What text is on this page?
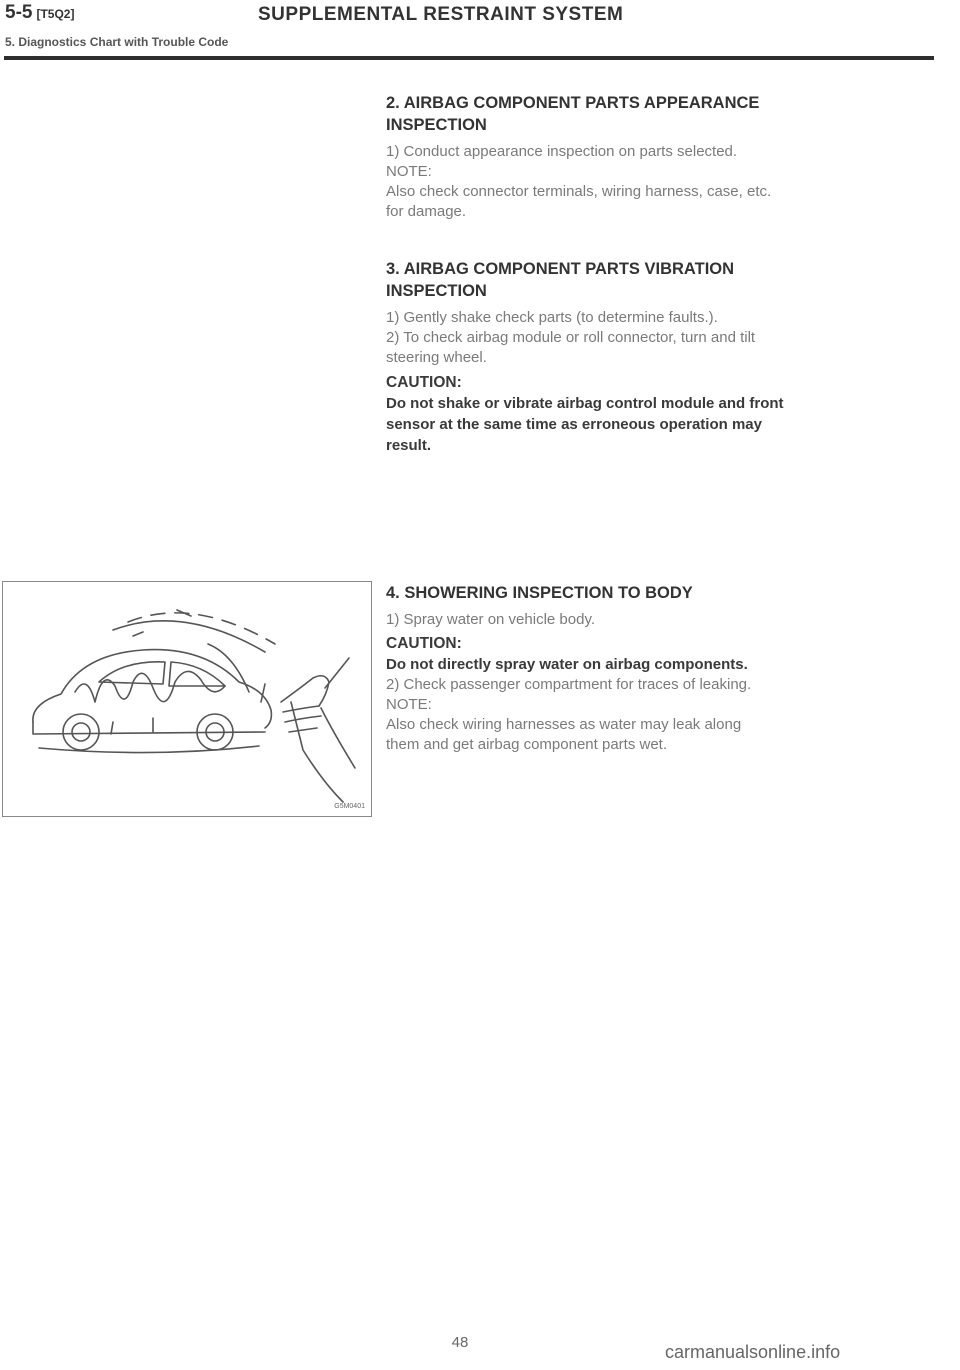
5-5 [T5Q2]	SUPPLEMENTAL RESTRAINT SYSTEM
5. Diagnostics Chart with Trouble Code

2. AIRBAG COMPONENT PARTS APPEARANCE

INSPECTION

1) Conduct appearance inspection on parts selected.

NOTE:

Also check connector terminals, wiring harness, case, etc.

for damage.

3. AIRBAG COMPONENT PARTS VIBRATION

INSPECTION

1) Gently shake check parts (to determine faults.).

2) To check airbag module or roll connector, turn and tilt

steering wheel.

CAUTION:

Do not shake or vibrate airbag control module and front

sensor at the same time as erroneous operation may

result.

4. SHOWERING INSPECTION TO BODY

1) Spray water on vehicle body.

CAUTION:

Do not directly spray water on airbag components.

2) Check passenger compartment for traces of leaking.

NOTE:

Also check wiring harnesses as water may leak along

them and get airbag component parts wet.

G5M0401
48	carmanualsonline.info
